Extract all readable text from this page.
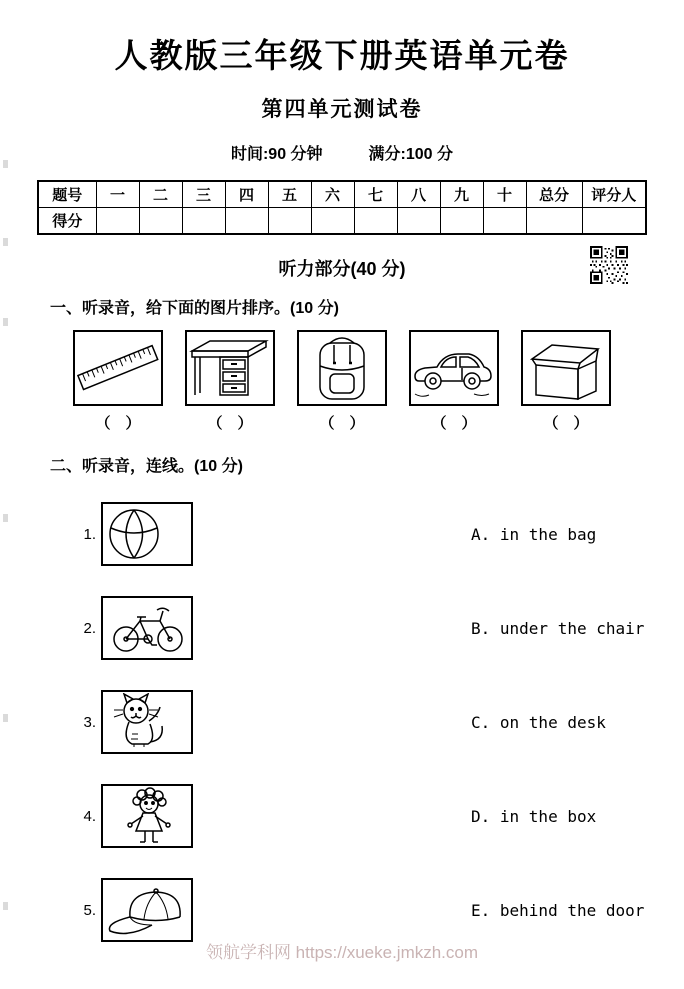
人教版三年级下册英语单元卷
第四单元测试卷
时间:90 分钟	满分:100 分
题号	一	二	三	四	五	六	七	八	九	十	总分	评分人
得分												
听力部分(40 分)
一、听录音，给下面的图片排序。(10 分)
（　）	（　）	（　）	（　）	（　）
二、听录音，连线。(10 分)
1.	A. in the bag
2.	B. under the chair
3.	C. on the desk
4.	D. in the box
5.	E. behind the door
领航学科网 https://xueke.jmkzh.com
